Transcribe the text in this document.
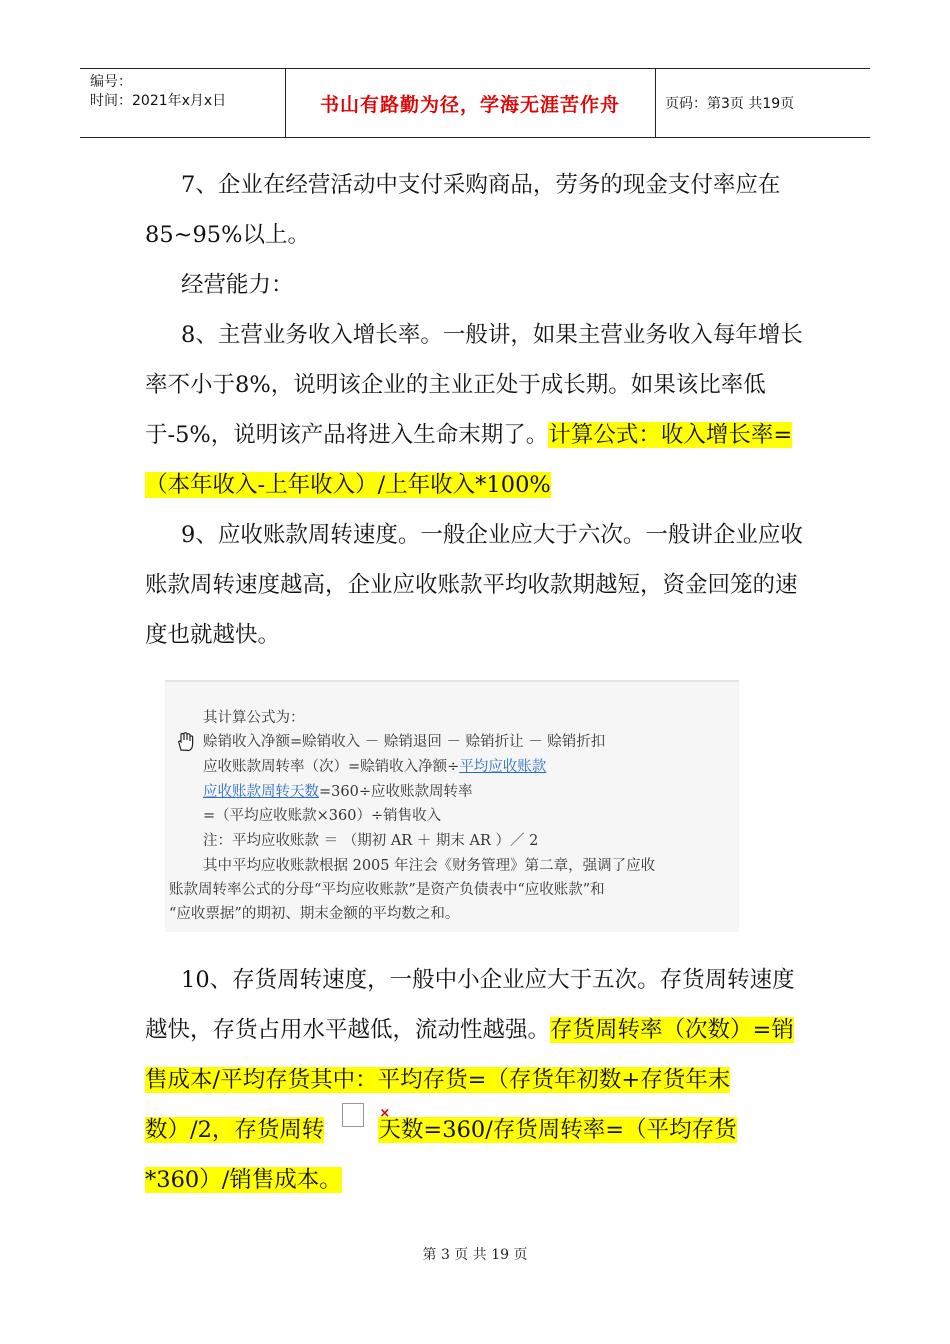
编号：
时间：2021年x月x日	书山有路勤为径，学海无涯苦作舟	页码：第3页 共19页

7、企业在经营活动中支付采购商品，劳务的现金支付率应在85~95%以上。

经营能力：

8、主营业务收入增长率。一般讲，如果主营业务收入每年增长率不小于8%，说明该企业的主业正处于成长期。如果该比率低于-5%，说明该产品将进入生命末期了。计算公式：收入增长率=（本年收入-上年收入）/上年收入*100%

9、应收账款周转速度。一般企业应大于六次。一般讲企业应收账款周转速度越高，企业应收账款平均收款期越短，资金回笼的速度也就越快。

其计算公式为：
赊销收入净额=赊销收入 － 赊销退回 － 赊销折让 － 赊销折扣
应收账款周转率（次）=赊销收入净额÷平均应收账款
应收账款周转天数=360÷应收账款周转率
=（平均应收账款×360）÷销售收入
注：平均应收账款 ＝ （期初 AR ＋ 期末 AR ）／ 2
其中平均应收账款根据 2005 年注会《财务管理》第二章，强调了应收
账款周转率公式的分母“平均应收账款”是资产负债表中“应收账款”和
“应收票据”的期初、期末金额的平均数之和。

10、存货周转速度，一般中小企业应大于五次。存货周转速度越快，存货占用水平越低，流动性越强。存货周转率（次数）=销售成本/平均存货其中：平均存货=（存货年初数+存货年末数）/2，存货周转×天数=360/存货周转率=（平均存货*360）/销售成本。

第 3 页 共 19 页
